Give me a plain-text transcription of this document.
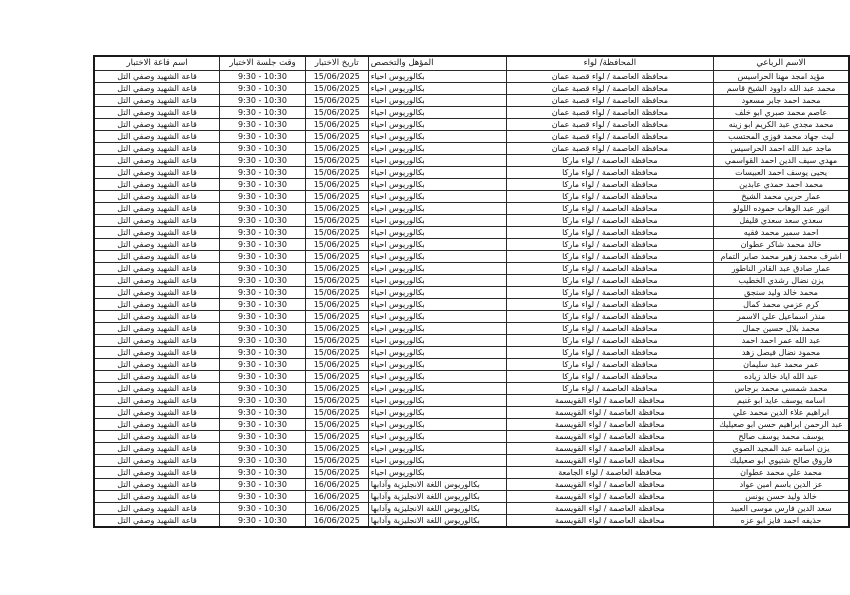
الاسم الرباعي	المحافظة/ لواء	المؤهل والتخصص	تاريخ الاختبار	وقت جلسة الاختبار	اسم قاعة الاختبار
مؤيد امجد مهنا الحراسيس	محافظة العاصمة / لواء قصبة عمان	بكالوريوس احياء	15/06/2025	9:30 - 10:30	قاعة الشهيد وصفي التل
محمد عبد الله داوود الشيخ قاسم	محافظة العاصمة / لواء قصبة عمان	بكالوريوس احياء	15/06/2025	9:30 - 10:30	قاعة الشهيد وصفي التل
محمد احمد جابر مسعود	محافظة العاصمة / لواء قصبة عمان	بكالوريوس احياء	15/06/2025	9:30 - 10:30	قاعة الشهيد وصفي التل
عاصم محمد صبري ابو خلف	محافظة العاصمة / لواء قصبة عمان	بكالوريوس احياء	15/06/2025	9:30 - 10:30	قاعة الشهيد وصفي التل
محمد مجدي عبد الكريم ابو زينه	محافظة العاصمة / لواء قصبة عمان	بكالوريوس احياء	15/06/2025	9:30 - 10:30	قاعة الشهيد وصفي التل
ليث جهاد محمد فوزي المحتسب	محافظة العاصمة / لواء قصبة عمان	بكالوريوس احياء	15/06/2025	9:30 - 10:30	قاعة الشهيد وصفي التل
ماجد عبد الله احمد الحراسيس	محافظة العاصمة / لواء قصبة عمان	بكالوريوس احياء	15/06/2025	9:30 - 10:30	قاعة الشهيد وصفي التل
مهدي سيف الدين احمد القواسمي	محافظة العاصمة / لواء ماركا	بكالوريوس احياء	15/06/2025	9:30 - 10:30	قاعة الشهيد وصفي التل
يحيى يوسف احمد العبيسات	محافظة العاصمة / لواء ماركا	بكالوريوس احياء	15/06/2025	9:30 - 10:30	قاعة الشهيد وصفي التل
محمد احمد حمدي عابدين	محافظة العاصمة / لواء ماركا	بكالوريوس احياء	15/06/2025	9:30 - 10:30	قاعة الشهيد وصفي التل
عمار حربي محمد الشيخ	محافظة العاصمة / لواء ماركا	بكالوريوس احياء	15/06/2025	9:30 - 10:30	قاعة الشهيد وصفي التل
انور عبد الوهاب حموده اللولو	محافظة العاصمة / لواء ماركا	بكالوريوس احياء	15/06/2025	9:30 - 10:30	قاعة الشهيد وصفي التل
سعدي سعد سعدي قليفل	محافظة العاصمة / لواء ماركا	بكالوريوس احياء	15/06/2025	9:30 - 10:30	قاعة الشهيد وصفي التل
احمد سمير محمد فقيه	محافظة العاصمة / لواء ماركا	بكالوريوس احياء	15/06/2025	9:30 - 10:30	قاعة الشهيد وصفي التل
خالد محمد شاكر عطوان	محافظة العاصمة / لواء ماركا	بكالوريوس احياء	15/06/2025	9:30 - 10:30	قاعة الشهيد وصفي التل
اشرف محمد زهير محمد صابر التمام	محافظة العاصمة / لواء ماركا	بكالوريوس احياء	15/06/2025	9:30 - 10:30	قاعة الشهيد وصفي التل
عمار صادق عبد القادر الناطور	محافظة العاصمة / لواء ماركا	بكالوريوس احياء	15/06/2025	9:30 - 10:30	قاعة الشهيد وصفي التل
يزن نضال رشدي الخطيب	محافظة العاصمة / لواء ماركا	بكالوريوس احياء	15/06/2025	9:30 - 10:30	قاعة الشهيد وصفي التل
محمد خالد وليد سنجق	محافظة العاصمة / لواء ماركا	بكالوريوس احياء	15/06/2025	9:30 - 10:30	قاعة الشهيد وصفي التل
كرم عزمي محمد كمال	محافظة العاصمة / لواء ماركا	بكالوريوس احياء	15/06/2025	9:30 - 10:30	قاعة الشهيد وصفي التل
منذر اسماعيل علي الاسمر	محافظة العاصمة / لواء ماركا	بكالوريوس احياء	15/06/2025	9:30 - 10:30	قاعة الشهيد وصفي التل
محمد بلال حسين جمال	محافظة العاصمة / لواء ماركا	بكالوريوس احياء	15/06/2025	9:30 - 10:30	قاعة الشهيد وصفي التل
عبد الله عمر احمد احمد	محافظة العاصمة / لواء ماركا	بكالوريوس احياء	15/06/2025	9:30 - 10:30	قاعة الشهيد وصفي التل
محمود نضال فيصل زهد	محافظة العاصمة / لواء ماركا	بكالوريوس احياء	15/06/2025	9:30 - 10:30	قاعة الشهيد وصفي التل
عمر محمد عبد سليمان	محافظة العاصمة / لواء ماركا	بكالوريوس احياء	15/06/2025	9:30 - 10:30	قاعة الشهيد وصفي التل
عبد الله اياد خالد زياده	محافظة العاصمة / لواء ماركا	بكالوريوس احياء	15/06/2025	9:30 - 10:30	قاعة الشهيد وصفي التل
محمد شمسي محمد برجاس	محافظة العاصمة / لواء ماركا	بكالوريوس احياء	15/06/2025	9:30 - 10:30	قاعة الشهيد وصفي التل
اسامه يوسف عايد ابو غنيم	محافظة العاصمة / لواء القويسمة	بكالوريوس احياء	15/06/2025	9:30 - 10:30	قاعة الشهيد وصفي التل
ابراهيم علاء الدين محمد علي	محافظة العاصمة / لواء القويسمة	بكالوريوس احياء	15/06/2025	9:30 - 10:30	قاعة الشهيد وصفي التل
عبد الرحمن ابراهيم حسن ابو صعيليك	محافظة العاصمة / لواء القويسمة	بكالوريوس احياء	15/06/2025	9:30 - 10:30	قاعة الشهيد وصفي التل
يوسف محمد يوسف صالح	محافظة العاصمة / لواء القويسمة	بكالوريوس احياء	15/06/2025	9:30 - 10:30	قاعة الشهيد وصفي التل
يزن اسامه عبد المجيد الصوي	محافظة العاصمة / لواء القويسمة	بكالوريوس احياء	15/06/2025	9:30 - 10:30	قاعة الشهيد وصفي التل
فاروق صالح شتيوي ابو صعيليك	محافظة العاصمة / لواء القويسمة	بكالوريوس احياء	15/06/2025	9:30 - 10:30	قاعة الشهيد وصفي التل
محمد علي محمد عطوان	محافظة العاصمة / لواء الجامعة	بكالوريوس احياء	15/06/2025	9:30 - 10:30	قاعة الشهيد وصفي التل
عز الدين باسم امين عواد	محافظة العاصمة / لواء القويسمة	بكالوريوس اللغة الانجليزية وآدابها	16/06/2025	9:30 - 10:30	قاعة الشهيد وصفي التل
خالد وليد حسن يونس	محافظة العاصمة / لواء القويسمة	بكالوريوس اللغة الانجليزية وآدابها	16/06/2025	9:30 - 10:30	قاعة الشهيد وصفي التل
سعد الدين فارس موسى العبيد	محافظة العاصمة / لواء القويسمة	بكالوريوس اللغة الانجليزية وآدابها	16/06/2025	9:30 - 10:30	قاعة الشهيد وصفي التل
حذيفه احمد فايز ابو عزه	محافظة العاصمة / لواء القويسمة	بكالوريوس اللغة الانجليزية وآدابها	16/06/2025	9:30 - 10:30	قاعة الشهيد وصفي التل
